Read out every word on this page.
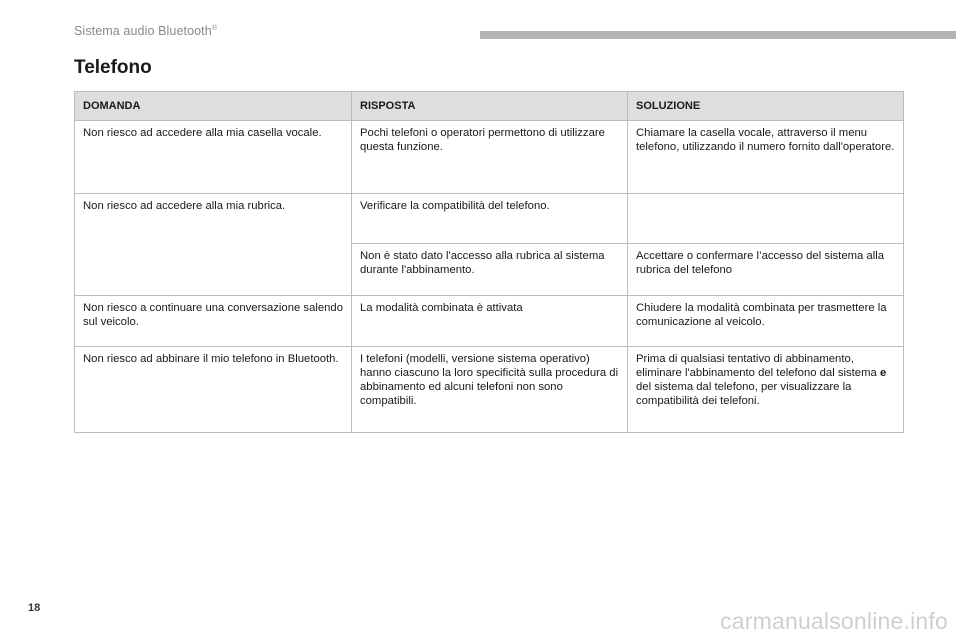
Sistema audio Bluetooth®
Telefono
DOMANDA	RISPOSTA	SOLUZIONE
Non riesco ad accedere alla mia casella vocale.	Pochi telefoni o operatori permettono di utilizzare questa funzione.	Chiamare la casella vocale, attraverso il menu telefono, utilizzando il numero fornito dall'operatore.
Non riesco ad accedere alla mia rubrica.	Verificare la compatibilità del telefono.	
	Non è stato dato l'accesso alla rubrica al sistema durante l'abbinamento.	Accettare o confermare l’accesso del sistema alla rubrica del telefono
Non riesco a continuare una conversazione salendo sul veicolo.	La modalità combinata è attivata	Chiudere la modalità combinata per trasmettere la comunicazione al veicolo.
Non riesco ad abbinare il mio telefono in Bluetooth.	I telefoni (modelli, versione sistema operativo) hanno ciascuno la loro specificità sulla procedura di abbinamento ed alcuni telefoni non sono compatibili.	Prima di qualsiasi tentativo di abbinamento, eliminare l'abbinamento del telefono dal sistema e del sistema dal telefono, per visualizzare la compatibilità dei telefoni.
18	carmanualsonline.info
